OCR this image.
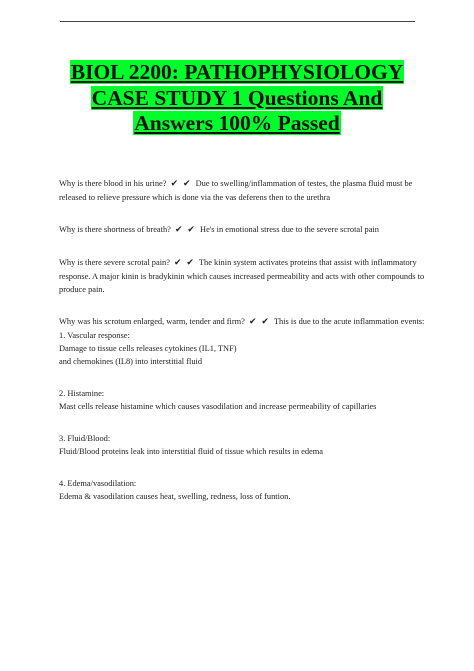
BIOL 2200: PATHOPHYSIOLOGY
CASE STUDY 1 Questions And
Answers 100% Passed
Why is there blood in his urine? ✔ ✔ Due to swelling/inflammation of testes, the plasma fluid must be released to relieve pressure which is done via the vas deferens then to the urethra
Why is there shortness of breath? ✔ ✔ He's in emotional stress due to the severe scrotal pain
Why is there severe scrotal pain? ✔ ✔ The kinin system activates proteins that assist with inflammatory response. A major kinin is bradykinin which causes increased permeability and acts with other compounds to produce pain.
Why was his scrotum enlarged, warm, tender and firm? ✔ ✔ This is due to the acute inflammation events:
1. Vascular response:
Damage to tissue cells releases cytokines (IL1, TNF)
and chemokines (IL8) into interstitial fluid
2. Histamine:
Mast cells release histamine which causes vasodilation and increase permeability of capillaries
3. Fluid/Blood:
Fluid/Blood proteins leak into interstitial fluid of tissue which results in edema
4. Edema/vasodilation:
Edema & vasodilation causes heat, swelling, redness, loss of funtion.
